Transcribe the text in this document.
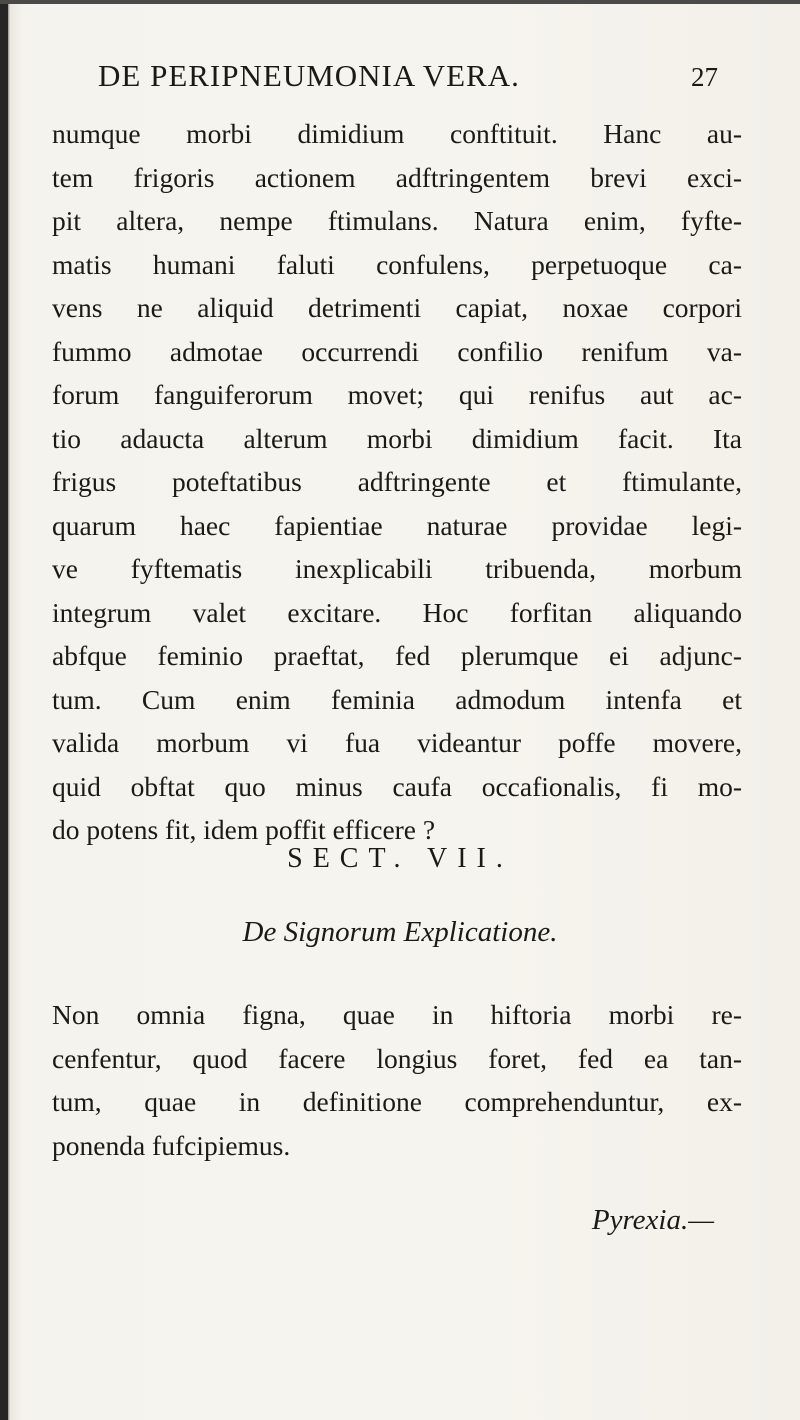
DE PERIPNEUMONIA VERA.	27
numque morbi dimidium conftituit. Hanc au-
tem frigoris actionem adftringentem brevi exci-
pit altera, nempe ftimulans. Natura enim, fyfte-
matis humani faluti confulens, perpetuoque ca-
vens ne aliquid detrimenti capiat, noxae corpori
fummo admotae occurrendi confilio renifum va-
forum fanguiferorum movet; qui renifus aut ac-
tio adaucta alterum morbi dimidium facit. Ita
frigus poteftatibus adftringente et ftimulante,
quarum haec fapientiae naturae providae legi-
ve fyftematis inexplicabili tribuenda, morbum
integrum valet excitare. Hoc forfitan aliquando
abfque feminio praeftat, fed plerumque ei adjunc-
tum. Cum enim feminia admodum intenfa et
valida morbum vi fua videantur poffe movere,
quid obftat quo minus caufa occafionalis, fi mo-
do potens fit, idem poffit efficere ?
SECT. VII.
De Signorum Explicatione.
Non omnia figna, quae in hiftoria morbi re-
cenfentur, quod facere longius foret, fed ea tan-
tum, quae in definitione comprehenduntur, ex-
ponenda fufcipiemus.
Pyrexia.—
